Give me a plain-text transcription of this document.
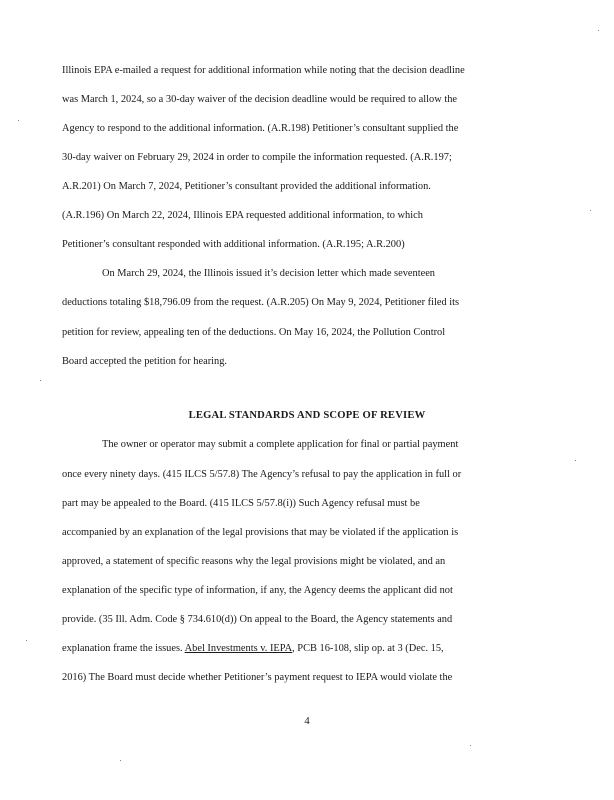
Illinois EPA e-mailed a request for additional information while noting that the decision deadline
was March 1, 2024, so a 30-day waiver of the decision deadline would be required to allow the
Agency to respond to the additional information. (A.R.198) Petitioner’s consultant supplied the
30-day waiver on February 29, 2024 in order to compile the information requested. (A.R.197;
A.R.201) On March 7, 2024, Petitioner’s consultant provided the additional information.
(A.R.196) On March 22, 2024, Illinois EPA requested additional information, to which
Petitioner’s consultant responded with additional information. (A.R.195; A.R.200)
On March 29, 2024, the Illinois issued it’s decision letter which made seventeen
deductions totaling $18,796.09 from the request. (A.R.205) On May 9, 2024, Petitioner filed its
petition for review, appealing ten of the deductions. On May 16, 2024, the Pollution Control
Board accepted the petition for hearing.
LEGAL STANDARDS AND SCOPE OF REVIEW
The owner or operator may submit a complete application for final or partial payment
once every ninety days. (415 ILCS 5/57.8) The Agency’s refusal to pay the application in full or
part may be appealed to the Board. (415 ILCS 5/57.8(i)) Such Agency refusal must be
accompanied by an explanation of the legal provisions that may be violated if the application is
approved, a statement of specific reasons why the legal provisions might be violated, and an
explanation of the specific type of information, if any, the Agency deems the applicant did not
provide. (35 Ill. Adm. Code § 734.610(d)) On appeal to the Board, the Agency statements and
explanation frame the issues. Abel Investments v. IEPA, PCB 16-108, slip op. at 3 (Dec. 15,
2016) The Board must decide whether Petitioner’s payment request to IEPA would violate the
4
